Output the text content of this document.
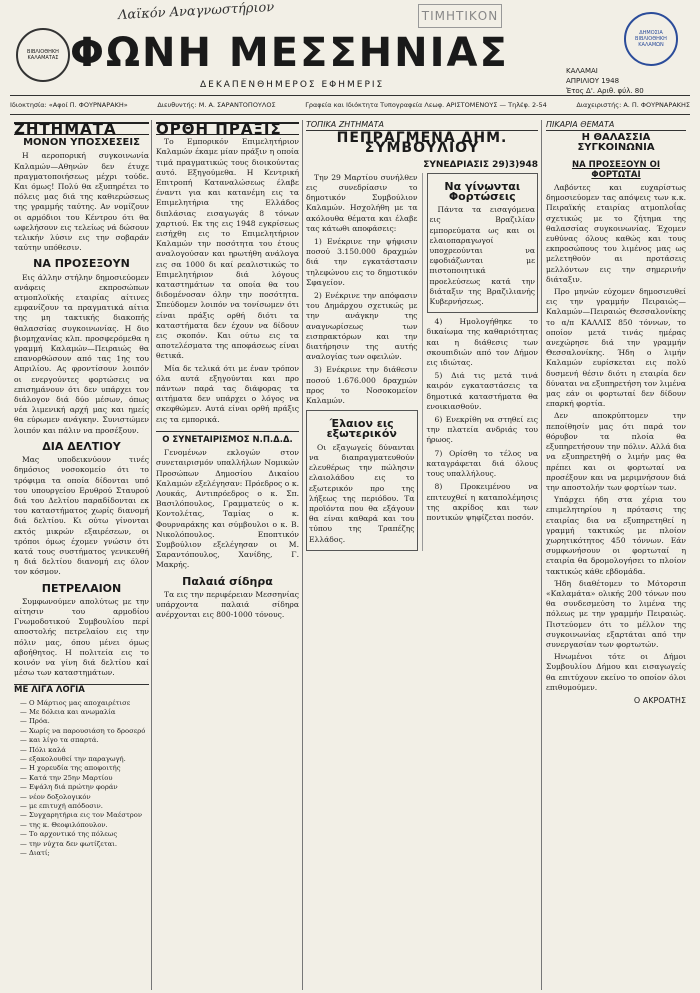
Λαϊκόν Αναγνωστήριον	ΤΙΜΗΤΙΚΟΝ
ΒΙΒΛΙΟΘΗΚΗ ΚΑΛΑΜΑΤΑΣ
ΔΗΜΟΣΙΑ ΒΙΒΛΙΟΘΗΚΗ ΚΑΛΑΜΩΝ
ΦΩΝΗ ΜΕΣΣΗΝΙΑΣ	ΚΑΛΑΜΑΙ
ΑΠΡΙΛΙΟΥ 1948
Έτος Δ'. Αριθ. φύλ. 80
ΔΕΚΑΠΕΝΘΗΜΕΡΟΣ ΕΦΗΜΕΡΙΣ
Ιδιοκτησία: «Αφοί Π. ΦΟΥΡΝΑΡΑΚΗ»	Διευθυντής: Μ. Α. ΣΑΡΑΝΤΟΠΟΥΛΟΣ	Γραφεία και Ιδιόκτητα Τυπογραφεία Λεωφ. ΑΡΙΣΤΟΜΕΝΟΥΣ — Τηλέφ. 2-54	Διαχειριστής: Α. Π. ΦΟΥΡΝΑΡΑΚΗΣ
ΖΗΤΗΜΑΤΑ
ΜΟΝΟΝ ΥΠΟΣΧΕΣΕΙΣ

Η αεροπορική συγκοινωνία Καλαμών—Αθηνών δεν έτυχε πραγματοποιήσεως μέχρι τούδε. Και όμως! Πολύ θα εξυπηρέτει το πόλεις μας διά της καθιερώσεως της γραμμής ταύτης. Αν νομίζουν οι αρμόδιοι του Κέντρου ότι θα ωφελήσουν εις τελείως νά δώσουν τελικήν λύσιν εις την σοβαράν ταύτην υπόθεσιν.

ΝΑ ΠΡΟΣΕΞΟΥΝ

Εις άλλην στήλην δημοσιεύομεν ανάφεις εκπροσώπων ατμοπλοϊκής εταιρίας αίτινες εμφανίζουν τα πραγματικά αίτια της μη τακτικής διακοπής θαλασσίας συγκοινωνίας. Η διο βιομηχανίας κλπ. προσφερόμεθα η γραμμή Καλαμών—Πειραιώς θα επανορθώσουν από τας 1ης του Απριλίου. Ας φροντίσουν λοιπόν οι ενεργούντες φορτώσεις να επισημάνουν ότι δεν υπάρχει τον διάλογον διά δύο μέσων, όπως νέα λιμενική αρχή μας και ημείς θα εύρωμεν ανάγκην. Συνιστώμεν λοιπόν και πάλιν να προσέξουν.

ΔΙΑ ΔΕΛΤΙΟΥ

Μας υποδεικνύουν τινές δημόσιος νοσοκομείο ότι το τρόφιμα τα οποία δίδονται υπό του υπουργείου Ερυθρού Σταυρού διά του Δελτίου παραδίδονται εκ του καταστήματος χωρίς διανομή διά δελτίου. Κι ούτω γίνονται εκτός μικρών εξαιρέσεων, οι τρόποι όμως έχομεν γνώσιν ότι κατά τους συστήματος γενικευθή η διά δελτίου διανομή εις όλον τον κόσμον.

ΠΕΤΡΕΛΑΙΟΝ

Συμφωνούμεν απολύτως με την αίτησιν του αρμοδίου Γνωμοδοτικού Συμβουλίου περί αποστολής πετρελαίου εις την πόλιν μας, όπου μένει όμως αβοήθητος. Η πολιτεία εις το κοινόν να γίνη διά δελτίου καί μέσω των καταστημάτων.

ΜΕ ΛΙΓΑ ΛΟΓΙΑ
— Ο Μάρτιος μας αποχαιρέτισε
— Με δόλεια και ανωμαλία
— Πρόα.
— Χωρίς να παρουσιάση το δροσερό
— και λίγο τα σπαρτά.
— Πόλι καλά
— εξακολουθεί την παραγωγή.
— Η χορευδία της αποφοιτής
— Κατά την 25ην Μαρτίου
— Εψάλη διά πρώτην φοράν
— νέον δοξολογικόν
— με επιτυχή απόδοσιν.
— Συγχαρητήρια εις τον Μαέστρον
— της κ. Θεοφιλόπουλον.
— Το αρχοντικό της πόλεως
— την νύχτα δεν φωτίζεται.
— Διατί;
ΟΡΘΗ ΠΡΑΞΙΣ

Το Εμπορικόν Επιμελητήριον Καλαμών έκαμε μίαν πράξιν η οποία τιμά πραγματικώς τους διοικούντας αυτό. Εξηγούμεθα. Η Κεντρική Επιτροπή Καταναλώσεως έλαβε έναντι για και κατανέμη εις τα Επιμελητήρια της Ελλάδος διπλάσιας εισαγωγάς 8 τόνων χαρτιού. Εκ της εις 1948 εγκρίσεως εισήχθη εις το Επιμελητήριον Καλαμών την ποσότητα του έτους αναλογούσαν και ηρωτήθη ανάλογα εις σα 1000 δι καί ρεαλιστικώς το Επιμελητήριον διά λόγους καταστημάτων τα οποία θα του διδομένοσαν όλην την ποσότητα. Σπεύδομεν λοιπόν να τονίσωμεν ότι είναι πράξις ορθή διότι τα καταστήματα δεν έχουν να δίδουν εις σκοπόν. Και ούτω εις τα αποτελέσματα της αποφάσεως είναι θετικά.

Μία δε τελικά ότι με έναν τρόπον όλα αυτά εξηγούνται και προ πάντων παρά τας διάφορας τα αιτήματα δεν υπάρχει ο λόγος να σκεφθώμεν. Αυτά είναι ορθή πράξις εις τα εμπορικά.

Ο ΣΥΝΕΤΑΙΡΙΣΜΟΣ Ν.Π.Δ.Δ.

Γενομένων εκλογών στον συνεταιρισμόν υπαλλήλων Νομικών Προσώπων Δημοσίου Δικαίου Καλαμών εξελέγησαν: Πρόεδρος ο κ. Λουκάς, Αντιπρόεδρος ο κ. Σπ. Βασιλόπουλος, Γραμματεύς ο κ. Κοντολέτας, Ταμίας ο κ. Φουρναράκης και σύμβουλοι ο κ. Β. Νικολόπουλος. Εποπτικόν Συμβούλιον εξελέγησαν οι Μ. Σαραντόπουλος, Χανίδης, Γ. Μακρής.

Παλαιά σίδηρα

Τα εις την περιφέρειαν Μεσσηνίας υπάρχοντα παλαιά σίδηρα ανέρχονται εις 800-1000 τόνους.

ΤΟΠΙΚΑ ΖΗΤΗΜΑΤΑ
ΠΕΠΡΑΓΜΕΝΑ ΔΗΜ. ΣΥΜΒΟΥΛΙΟΥ
ΣΥΝΕΔΡΙΑΣΙΣ 29)3)948

Την 29 Μαρτίου συνήλθεν εις συνεδρίασιν το δημοτικόν Συμβούλιον Καλαμών. Ησχολήθη με τα ακόλουθα θέματα και έλαβε τας κάτωθι αποφάσεις:

1) Ενέκρινε την ψήφισιν ποσού 3.150.000 δραχμών διά την εγκατάστασιν τηλεφώνου εις το δημοτικόν Σφαγείον.

2) Ενέκρινε την απόφασιν του Δημάρχου σχετικώς με την ανάγκην της αναγνωρίσεως των εισπρακτόρων και την διατήρησιν της αυτής αναλογίας των οφειλών.

3) Ενέκρινε την διάθεσιν ποσού 1.676.000 δραχμών προς το Νοσοκομείον Καλαμών.

Έλαιον εις εξωτερικόν

Οι εξαγωγείς δύνανται να διαπραγματευθούν ελευθέρως την πώλησιν ελαιολάδου εις το εξωτερικόν προ της λήξεως της περιόδου. Τα προϊόντα που θα εξάγουν θα είναι καθαρά και του τύπου της Τραπέζης Ελλάδος.

Να γίνωνται Φορτώσεις

Πάντα τα εισαγόμενα εις Βραζιλίαν εμπορεύματα ως και οι ελαιοπαραγωγοί υποχρεούνται να εφοδιάζωνται με πιστοποιητικά προελεύσεως κατά την διάταξιν της Βραζιλιανής Κυβερνήσεως.

4) Ημολογήθηκε το δικαίωμα της καθαριότητας και η διάθεσις των σκουπιδιών από τον Δήμον εις ιδιώτας.

5) Διά τις μετά τινά καιρόν εγκαταστάσεις τα δημοτικά καταστήματα θα ενοικιασθούν.

6) Ενεκρίθη να στηθεί εις την πλατεία ανδριάς του ήρωος.

7) Ορίσθη το τέλος να καταγράφεται διά όλους τους υπαλλήλους.

8) Προκειμένου να επιτευχθεί η καταπολέμησις της ακρίδος και των ποντικών ψηφίζεται ποσόν.

ΠΙΚΑΡΙΑ ΘΕΜΑΤΑ
Η ΘΑΛΑΣΣΙΑ ΣΥΓΚΟΙΝΩΝΙΑ
ΝΑ ΠΡΟΣΕΞΟΥΝ ΟΙ ΦΟΡΤΩΤΑΙ

Λαβόντες και ευχαρίστως δημοσιεύομεν τας απόψεις των κ.κ. Πειραϊκής εταιρίας ατμοπλοΐας σχετικώς με το ζήτημα της θαλασσίας συγκοινωνίας. Έχομεν ευθύνας όλους καθώς και τους εκπροσώπους του λιμένος μας ως μελετηθούν αι προτάσεις μελλόντων εις την σημερινήν διάταξιν.

Προ μηνών εύχομεν δημοσιευθεί εις την γραμμήν Πειραιώς—Καλαμών—Πειραιώς Θεσσαλονίκης το α/π ΚΑΛΛΙΣ 850 τόννων, το οποίον μετά τινάς ημέρας ανεχώρησε διά την γραμμήν Θεσσαλονίκης. Ήδη ο λιμήν Καλαμών ευρίσκεται εις πολύ δυσμενή θέσιν διότι η εταιρία δεν δύναται να εξυπηρετήση τον λιμένα μας εάν οι φορτωταί δεν δίδουν επαρκή φορτία.

Δεν αποκρύπτομεν την πεποίθησίν μας ότι παρά τον θόρυβον τα πλοία θα εξυπηρετήσουν την πόλιν. Αλλά δια να εξυπηρετηθή ο λιμήν μας θα πρέπει και οι φορτωταί να προσέξουν και να μεριμνήσουν διά την αποστολήν των φορτίων των.

Υπάρχει ήδη στα χέρια του επιμελητηρίου η πρότασις της εταιρίας δια να εξυπηρετηθεί η γραμμή τακτικώς με πλοίον χωρητικότητος 450 τόννων. Εάν συμφωνήσουν οι φορτωταί η εταιρία θα δρομολογήσει το πλοίον τακτικώς κάθε εβδομάδα.

Ήδη διαθέτομεν το Μότορσιπ «Καλαμάτα» ολικής 200 τόνων που θα συνδεσμεύση το λιμένα της πόλεως με την γραμμήν Πειραιώς. Πιστεύομεν ότι το μέλλον της συγκοινωνίας εξαρτάται από την συνεργασίαν των φορτωτών.

Ηνωμένοι τότε οι Δήμοι Συμβουλίου Δήμου και εισαγωγείς θα επιτύχουν εκείνο το οποίον όλοι επιθυμούμεν.

Ο ΑΚΡΟΑΤΗΣ
